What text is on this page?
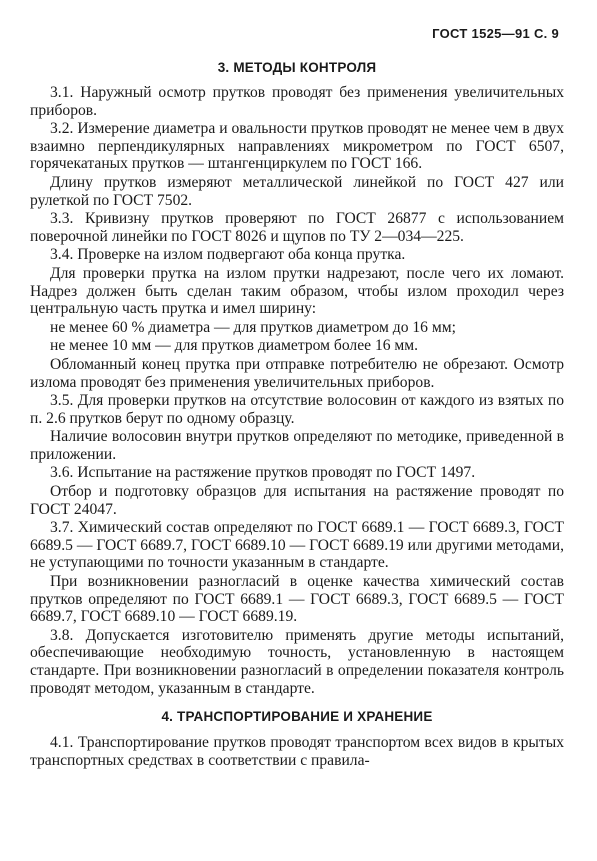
ГОСТ 1525—91 С. 9
3. МЕТОДЫ КОНТРОЛЯ

3.1. Наружный осмотр прутков проводят без применения увеличительных приборов.

3.2. Измерение диаметра и овальности прутков проводят не менее чем в двух взаимно перпендикулярных направлениях микрометром по ГОСТ 6507, горячекатаных прутков — штангенциркулем по ГОСТ 166.

Длину прутков измеряют металлической линейкой по ГОСТ 427 или рулеткой по ГОСТ 7502.

3.3. Кривизну прутков проверяют по ГОСТ 26877 с использованием поверочной линейки по ГОСТ 8026 и щупов по ТУ 2—034—225.

3.4. Проверке на излом подвергают оба конца прутка.

Для проверки прутка на излом прутки надрезают, после чего их ломают. Надрез должен быть сделан таким образом, чтобы излом проходил через центральную часть прутка и имел ширину:

не менее 60 % диаметра — для прутков диаметром до 16 мм;

не менее 10 мм — для прутков диаметром более 16 мм.

Обломанный конец прутка при отправке потребителю не обрезают. Осмотр излома проводят без применения увеличительных приборов.

3.5. Для проверки прутков на отсутствие волосовин от каждого из взятых по п. 2.6 прутков берут по одному образцу.

Наличие волосовин внутри прутков определяют по методике, приведенной в приложении.

3.6. Испытание на растяжение прутков проводят по ГОСТ 1497.

Отбор и подготовку образцов для испытания на растяжение проводят по ГОСТ 24047.

3.7. Химический состав определяют по ГОСТ 6689.1 — ГОСТ 6689.3, ГОСТ 6689.5 — ГОСТ 6689.7, ГОСТ 6689.10 — ГОСТ 6689.19 или другими методами, не уступающими по точности указанным в стандарте.

При возникновении разногласий в оценке качества химический состав прутков определяют по ГОСТ 6689.1 — ГОСТ 6689.3, ГОСТ 6689.5 — ГОСТ 6689.7, ГОСТ 6689.10 — ГОСТ 6689.19.

3.8. Допускается изготовителю применять другие методы испытаний, обеспечивающие необходимую точность, установленную в настоящем стандарте. При возникновении разногласий в определении показателя контроль проводят методом, указанным в стандарте.

4. ТРАНСПОРТИРОВАНИЕ И ХРАНЕНИЕ

4.1. Транспортирование прутков проводят транспортом всех видов в крытых транспортных средствах в соответствии с правила-
